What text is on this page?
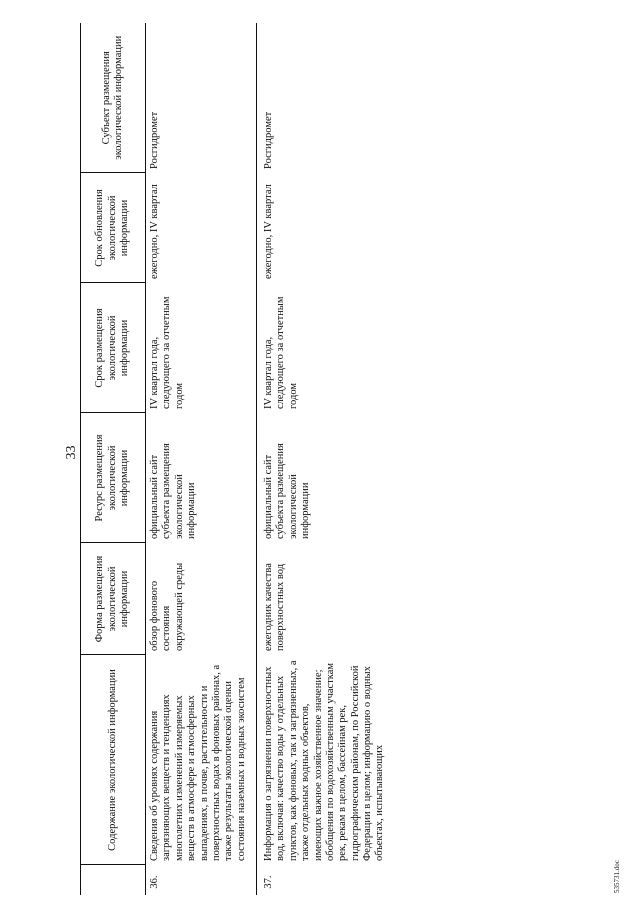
33
	Содержание экологической информации	Форма размещения экологической информации	Ресурс размещения экологической информации	Срок размещения экологической информации	Срок обновления экологической информации	Субъект размещения экологической информации
36.	Сведения об уровнях содержания загрязняющих веществ и тенденциях многолетних изменений измеряемых веществ в атмосфере и атмосферных выпадениях, в почве, растительности и поверхностных водах в фоновых районах, а также результаты экологической оценки состояния наземных и водных экосистем	обзор фонового состояния окружающей среды	официальный сайт субъекта размещения экологической информации	IV квартал года, следующего за отчетным годом	ежегодно, IV квартал	Росгидромет
37.	Информация о загрязнении поверхностных вод, включая: качество воды у отдельных пунктов, как фоновых, так и загрязненных, а также отдельных водных объектов, имеющих важное хозяйственное значение; обобщения по водохозяйственным участкам рек, рекам в целом, бассейнам рек, гидрографическим районам, по Российской Федерации в целом; информацию о водных объектах, испытывающих	ежегодник качества поверхностных вод	официальный сайт субъекта размещения экологической информации	IV квартал года, следующего за отчетным годом	ежегодно, IV квартал	Росгидромет
535731.doc
